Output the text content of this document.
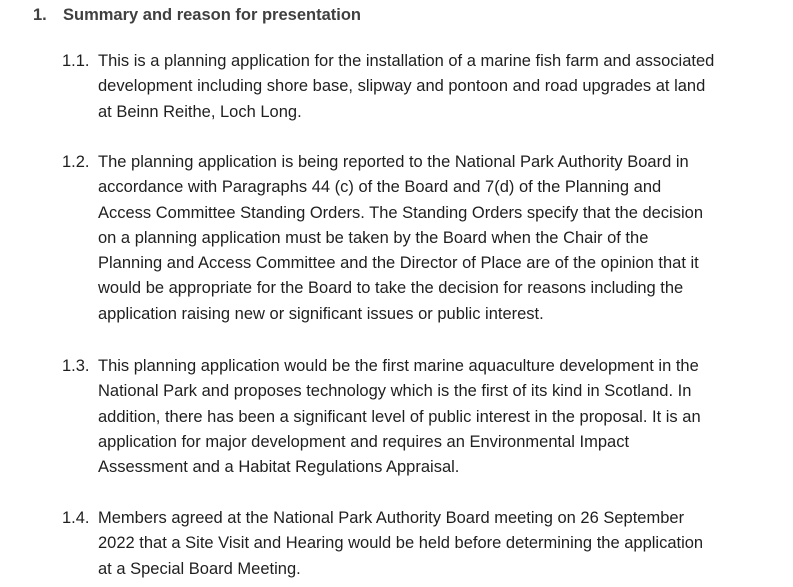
1. Summary and reason for presentation
1.1. This is a planning application for the installation of a marine fish farm and associated
development including shore base, slipway and pontoon and road upgrades at land
at Beinn Reithe, Loch Long.
1.2. The planning application is being reported to the National Park Authority Board in
accordance with Paragraphs 44 (c) of the Board and 7(d) of the Planning and
Access Committee Standing Orders. The Standing Orders specify that the decision
on a planning application must be taken by the Board when the Chair of the
Planning and Access Committee and the Director of Place are of the opinion that it
would be appropriate for the Board to take the decision for reasons including the
application raising new or significant issues or public interest.
1.3. This planning application would be the first marine aquaculture development in the
National Park and proposes technology which is the first of its kind in Scotland. In
addition, there has been a significant level of public interest in the proposal. It is an
application for major development and requires an Environmental Impact
Assessment and a Habitat Regulations Appraisal.
1.4. Members agreed at the National Park Authority Board meeting on 26 September
2022 that a Site Visit and Hearing would be held before determining the application
at a Special Board Meeting.
